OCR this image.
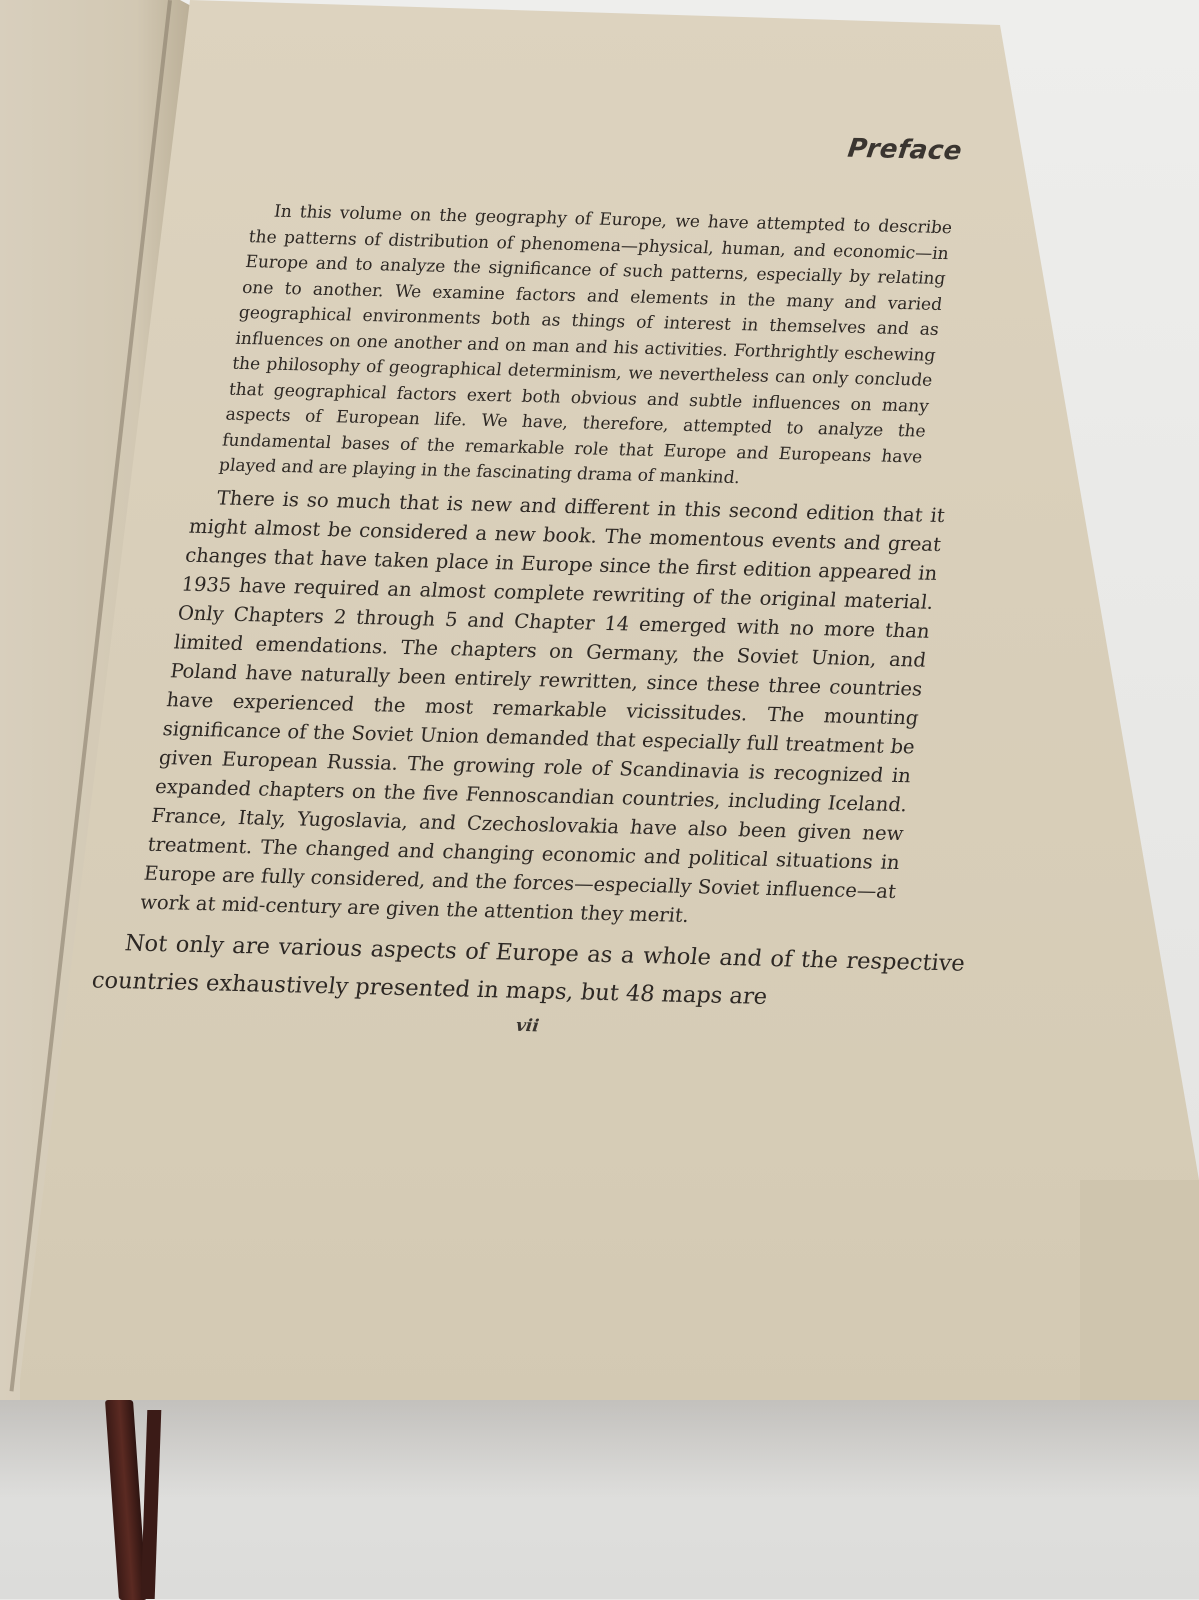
Preface

In this volume on the geography of Europe, we have attempted to describe the patterns of distribution of phenomena—physical, human, and economic—in Europe and to analyze the significance of such patterns, especially by relating one to another. We examine factors and elements in the many and varied geographical environments both as things of interest in themselves and as influences on one another and on man and his activities. Forthrightly eschewing the philosophy of geographical determinism, we nevertheless can only conclude that geographical factors exert both obvious and subtle influences on many aspects of European life. We have, therefore, attempted to analyze the fundamental bases of the remarkable role that Europe and Europeans have played and are playing in the fascinating drama of mankind.

There is so much that is new and different in this second edition that it might almost be considered a new book. The momentous events and great changes that have taken place in Europe since the first edition appeared in 1935 have required an almost complete rewriting of the original material. Only Chapters 2 through 5 and Chapter 14 emerged with no more than limited emendations. The chapters on Germany, the Soviet Union, and Poland have naturally been entirely rewritten, since these three countries have experienced the most remarkable vicissitudes. The mounting significance of the Soviet Union demanded that especially full treatment be given European Russia. The growing role of Scandinavia is recognized in expanded chapters on the five Fennoscandian countries, including Iceland. France, Italy, Yugoslavia, and Czechoslovakia have also been given new treatment. The changed and changing economic and political situations in Europe are fully considered, and the forces—especially Soviet influence—at work at mid-century are given the attention they merit.

Not only are various aspects of Europe as a whole and of the respective countries exhaustively presented in maps, but 48 maps are

vii
